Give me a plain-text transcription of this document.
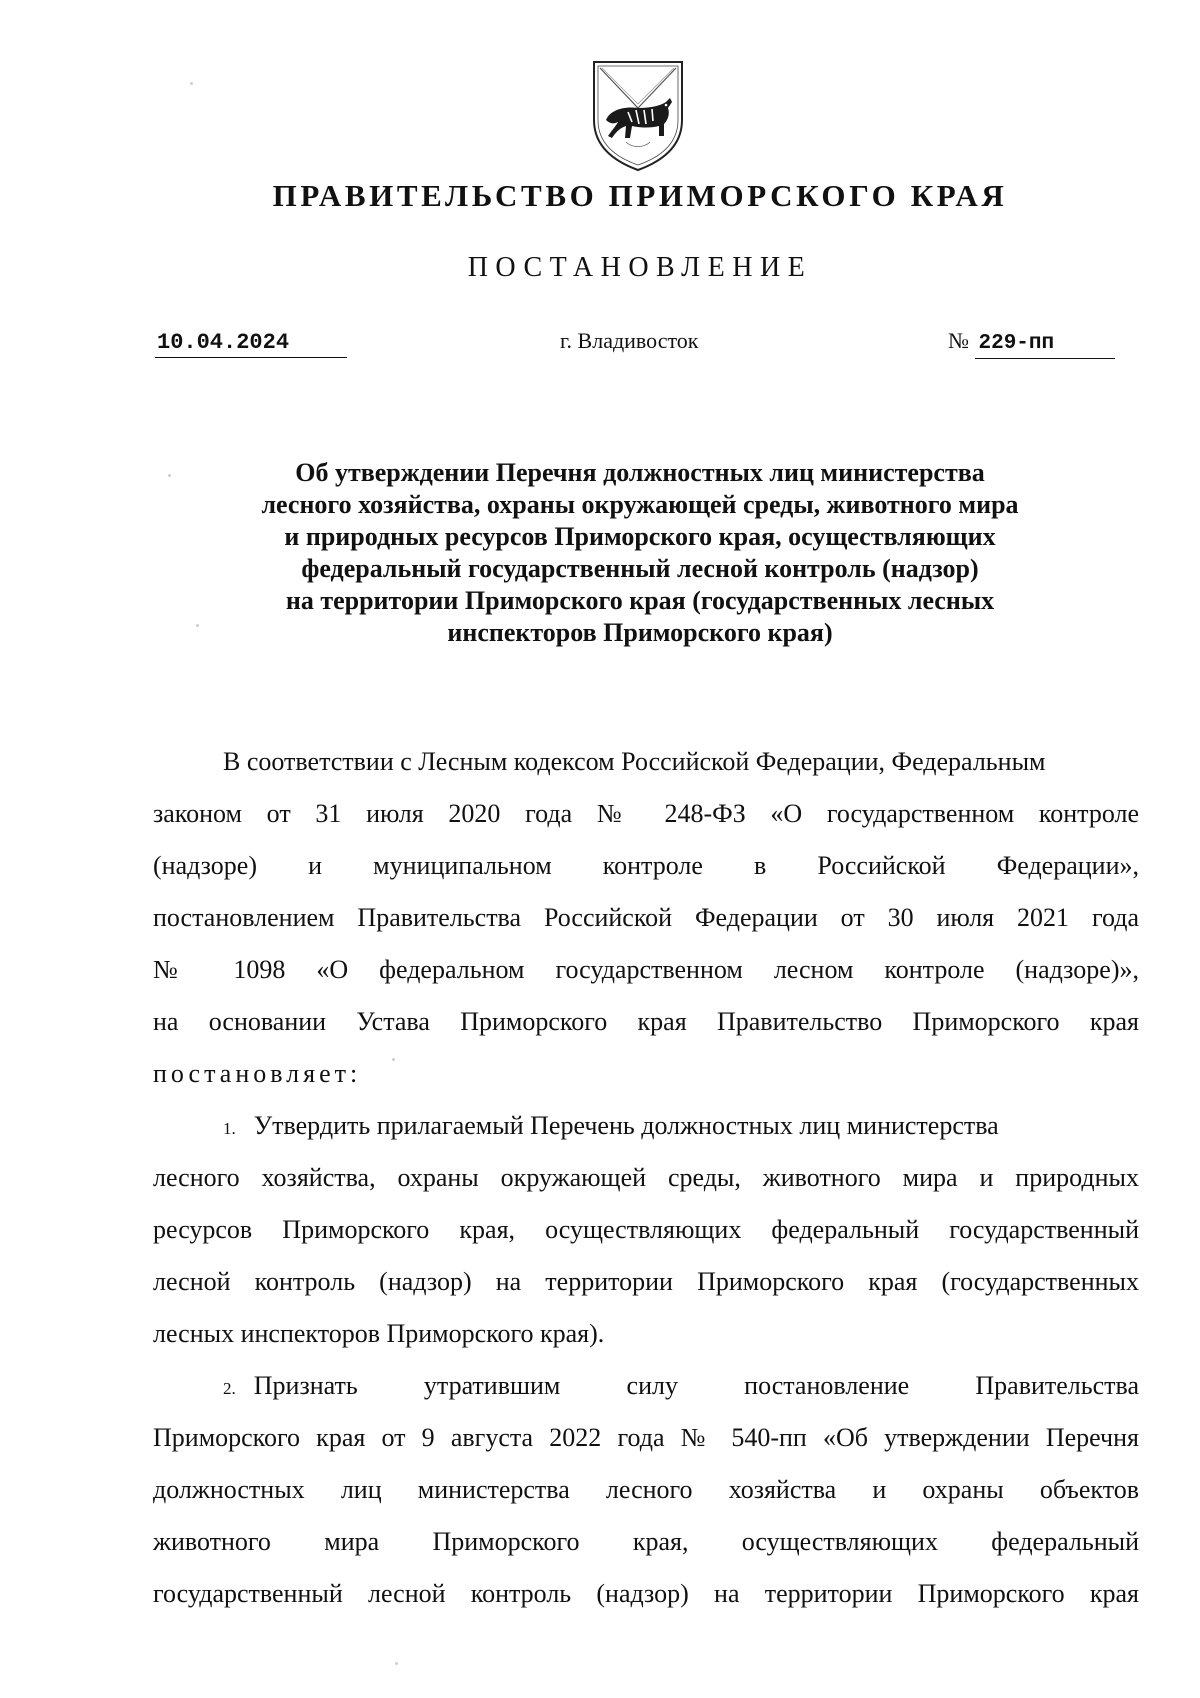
ПРАВИТЕЛЬСТВО ПРИМОРСКОГО КРАЯ
ПОСТАНОВЛЕНИЕ
10.04.2024	г. Владивосток	№ 229-пп
Об утверждении Перечня должностных лиц министерства
лесного хозяйства, охраны окружающей среды, животного мира
и природных ресурсов Приморского края, осуществляющих
федеральный государственный лесной контроль (надзор)
на территории Приморского края (государственных лесных
инспекторов Приморского края)
В соответствии с Лесным кодексом Российской Федерации, Федеральным
законом от 31 июля 2020 года № 248-ФЗ «О государственном контроле
(надзоре) и муниципальном контроле в Российской Федерации»,
постановлением Правительства Российской Федерации от 30 июля 2021 года
№ 1098 «О федеральном государственном лесном контроле (надзоре)»,
на основании Устава Приморского края Правительство Приморского края
постановляет:
1. Утвердить прилагаемый Перечень должностных лиц министерства
лесного хозяйства, охраны окружающей среды, животного мира и природных
ресурсов Приморского края, осуществляющих федеральный государственный
лесной контроль (надзор) на территории Приморского края (государственных
лесных инспекторов Приморского края).
2. Признать утратившим силу постановление Правительства
Приморского края от 9 августа 2022 года № 540-пп «Об утверждении Перечня
должностных лиц министерства лесного хозяйства и охраны объектов
животного мира Приморского края, осуществляющих федеральный
государственный лесной контроль (надзор) на территории Приморского края
